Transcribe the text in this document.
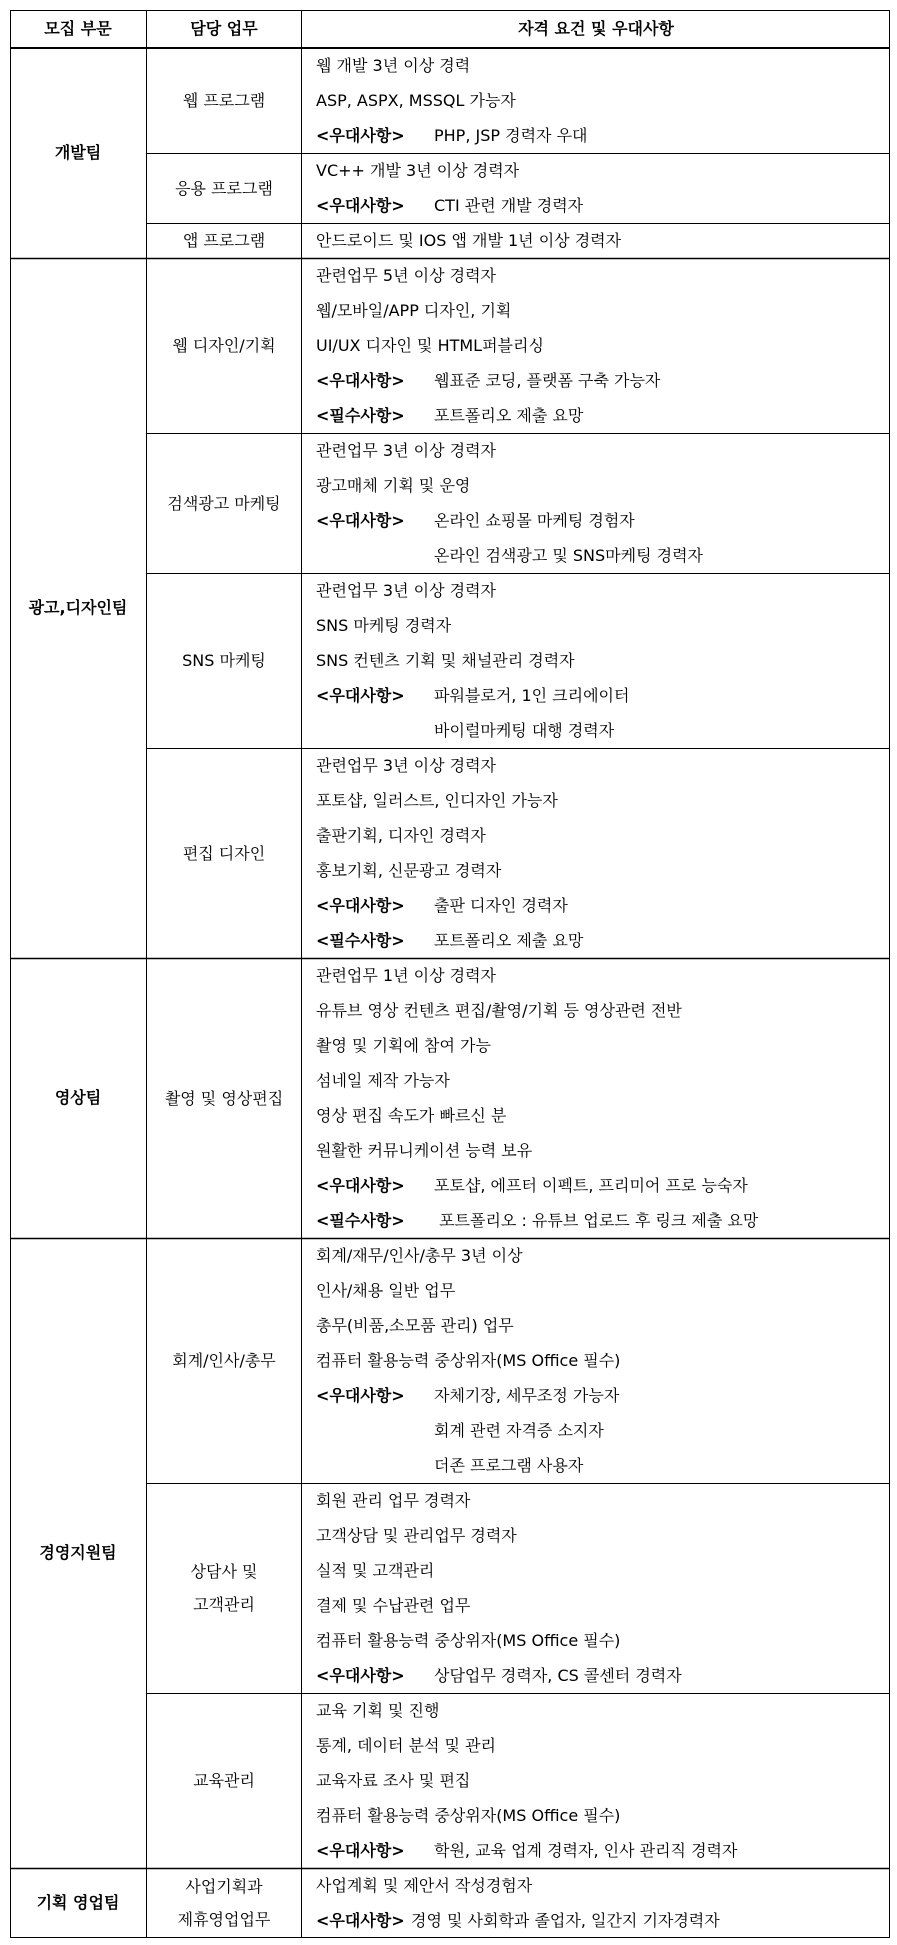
모집 부문	담당 업무	자격 요건 및 우대사항
웹 개발 3년 이상 경력
ASP, ASPX, MSSQL 가능자
<우대사항> PHP, JSP 경력자 우대
웹 프로그램
VC++ 개발 3년 이상 경력자
<우대사항> CTI 관련 개발 경력자
응용 프로그램
안드로이드 및 IOS 앱 개발 1년 이상 경력자
앱 프로그램
개발팀
관련업무 5년 이상 경력자
웹/모바일/APP 디자인, 기획
UI/UX 디자인 및 HTML퍼블리싱
<우대사항> 웹표준 코딩, 플랫폼 구축 가능자
<필수사항> 포트폴리오 제출 요망
웹 디자인/기획
관련업무 3년 이상 경력자
광고매체 기획 및 운영
<우대사항> 온라인 쇼핑몰 마케팅 경험자
온라인 검색광고 및 SNS마케팅 경력자
검색광고 마케팅
관련업무 3년 이상 경력자
SNS 마케팅 경력자
SNS 컨텐츠 기획 및 채널관리 경력자
<우대사항> 파워블로거, 1인 크리에이터
바이럴마케팅 대행 경력자
SNS 마케팅
관련업무 3년 이상 경력자
포토샵, 일러스트, 인디자인 가능자
출판기획, 디자인 경력자
홍보기획, 신문광고 경력자
<우대사항> 출판 디자인 경력자
<필수사항> 포트폴리오 제출 요망
편집 디자인
광고,디자인팀
관련업무 1년 이상 경력자
유튜브 영상 컨텐츠 편집/촬영/기획 등 영상관련 전반
촬영 및 기획에 참여 가능
섬네일 제작 가능자
영상 편집 속도가 빠르신 분
원활한 커뮤니케이션 능력 보유
<우대사항> 포토샵, 에프터 이펙트, 프리미어 프로 능숙자
<필수사항> 포트폴리오 : 유튜브 업로드 후 링크 제출 요망
촬영 및 영상편집
영상팀
회계/재무/인사/총무 3년 이상
인사/채용 일반 업무
총무(비품,소모품 관리) 업무
컴퓨터 활용능력 중상위자(MS Office 필수)
<우대사항> 자체기장, 세무조정 가능자
회계 관련 자격증 소지자
더존 프로그램 사용자
회계/인사/총무
회원 관리 업무 경력자
고객상담 및 관리업무 경력자
실적 및 고객관리
결제 및 수납관련 업무
컴퓨터 활용능력 중상위자(MS Office 필수)
<우대사항> 상담업무 경력자, CS 콜센터 경력자
상담사 및
고객관리
교육 기획 및 진행
통계, 데이터 분석 및 관리
교육자료 조사 및 편집
컴퓨터 활용능력 중상위자(MS Office 필수)
<우대사항> 학원, 교육 업계 경력자, 인사 관리직 경력자
교육관리
경영지원팀
사업계획 및 제안서 작성경험자
<우대사항> 경영 및 사회학과 졸업자, 일간지 기자경력자
사업기획과
제휴영업업무
기획 영업팀
